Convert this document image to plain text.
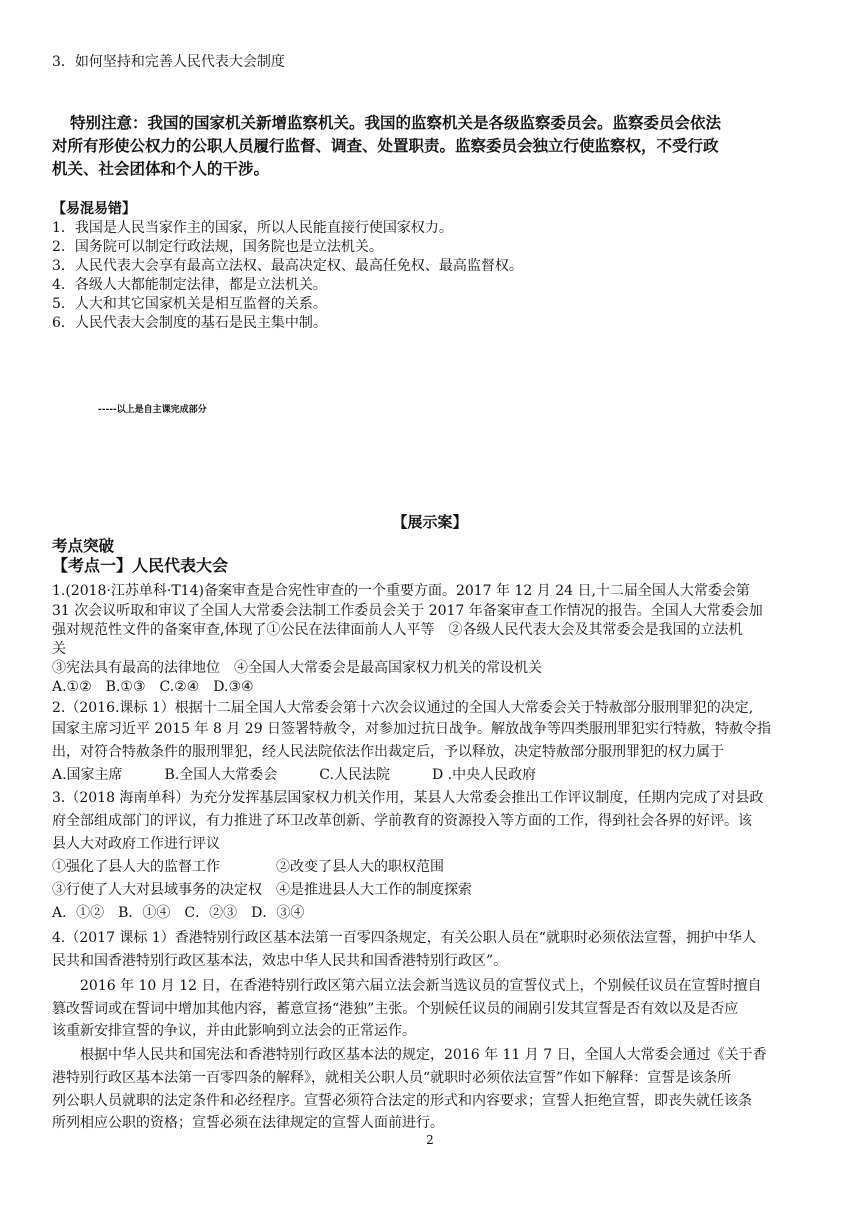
3．如何坚持和完善人民代表大会制度
特别注意：我国的国家机关新增监察机关。我国的监察机关是各级监察委员会。监察委员会依法
对所有形使公权力的公职人员履行监督、调查、处置职责。监察委员会独立行使监察权，不受行政
机关、社会团体和个人的干涉。
【易混易错】
1．我国是人民当家作主的国家，所以人民能直接行使国家权力。
2．国务院可以制定行政法规，国务院也是立法机关。
3．人民代表大会享有最高立法权、最高决定权、最高任免权、最高监督权。
4．各级人大都能制定法律，都是立法机关。
5．人大和其它国家机关是相互监督的关系。
6．人民代表大会制度的基石是民主集中制。
-----以上是自主课完成部分
【展示案】
考点突破
【考点一】人民代表大会
1.(2018·江苏单科·T14)备案审查是合宪性审查的一个重要方面。2017 年 12 月 24 日,十二届全国人大常委会第
31 次会议听取和审议了全国人大常委会法制工作委员会关于 2017 年备案审查工作情况的报告。全国人大常委会加
强对规范性文件的备案审查,体现了①公民在法律面前人人平等　②各级人民代表大会及其常委会是我国的立法机
关
③宪法具有最高的法律地位　④全国人大常委会是最高国家权力机关的常设机关
A.①②　B.①③　C.②④　D.③④
2.（2016.课标 1）根据十二届全国人大常委会第十六次会议通过的全国人大常委会关于特赦部分服刑罪犯的决定,
国家主席习近平 2015 年 8 月 29 日签署特赦令，对参加过抗日战争。解放战争等四类服刑罪犯实行特赦，特赦令指
出，对符合特赦条件的服刑罪犯，经人民法院依法作出裁定后，予以释放，决定特赦部分服刑罪犯的权力属于
A.国家主席　　　B.全国人大常委会　　　C.人民法院　　　D .中央人民政府
3.（2018 海南单科）为充分发挥基层国家权力机关作用，某县人大常委会推出工作评议制度，任期内完成了对县政
府全部组成部门的评议，有力推进了环卫改革创新、学前教育的资源投入等方面的工作，得到社会各界的好评。该
县人大对政府工作进行评议
①强化了县人大的监督工作　　　　②改变了县人大的职权范围
③行使了人大对县域事务的决定权　④是推进县人大工作的制度探索
A．①②　B．①④　C．②③　D．③④
4.（2017 课标 1）香港特别行政区基本法第一百零四条规定，有关公职人员在“就职时必须依法宣誓，拥护中华人
民共和国香港特别行政区基本法，效忠中华人民共和国香港特别行政区”。
　　2016 年 10 月 12 日，在香港特别行政区第六届立法会新当选议员的宣誓仪式上，个别候任议员在宣誓时擅自
篡改誓词或在誓词中增加其他内容，蓄意宣扬“港独”主张。个别候任议员的闹剧引发其宣誓是否有效以及是否应
该重新安排宣誓的争议，并由此影响到立法会的正常运作。
　　根据中华人民共和国宪法和香港特别行政区基本法的规定，2016 年 11 月 7 日，全国人大常委会通过《关于香
港特别行政区基本法第一百零四条的解释》，就相关公职人员“就职时必须依法宣誓”作如下解释：宣誓是该条所
列公职人员就职的法定条件和必经程序。宣誓必须符合法定的形式和内容要求；宣誓人拒绝宣誓，即丧失就任该条
所列相应公职的资格；宣誓必须在法律规定的宣誓人面前进行。
2
